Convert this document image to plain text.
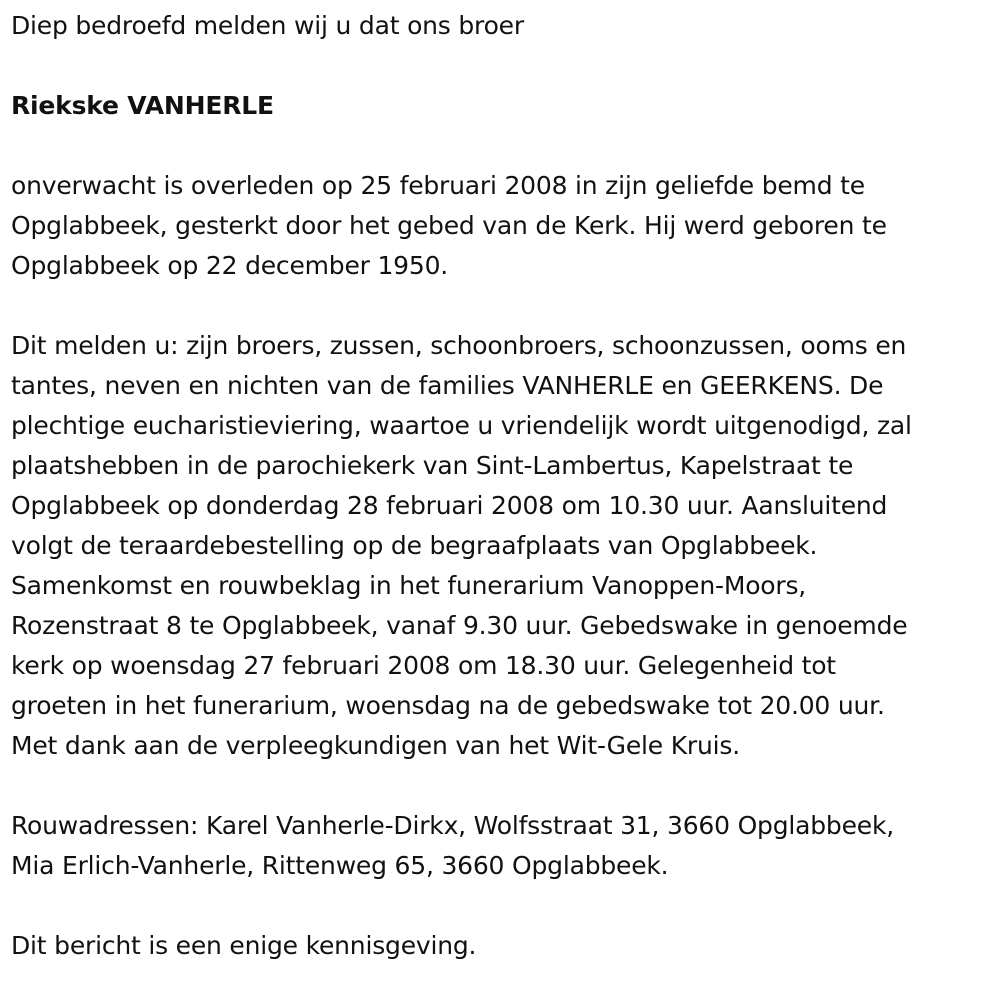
Diep bedroefd melden wij u dat ons broer

Riekske VANHERLE

onverwacht is overleden op 25 februari 2008 in zijn geliefde bemd te
Opglabbeek, gesterkt door het gebed van de Kerk. Hij werd geboren te
Opglabbeek op 22 december 1950.

Dit melden u: zijn broers, zussen, schoonbroers, schoonzussen, ooms en
tantes, neven en nichten van de families VANHERLE en GEERKENS. De
plechtige eucharistieviering, waartoe u vriendelijk wordt uitgenodigd, zal
plaatshebben in de parochiekerk van Sint-Lambertus, Kapelstraat te
Opglabbeek op donderdag 28 februari 2008 om 10.30 uur. Aansluitend
volgt de teraardebestelling op de begraafplaats van Opglabbeek.
Samenkomst en rouwbeklag in het funerarium Vanoppen-Moors,
Rozenstraat 8 te Opglabbeek, vanaf 9.30 uur. Gebedswake in genoemde
kerk op woensdag 27 februari 2008 om 18.30 uur. Gelegenheid tot
groeten in het funerarium, woensdag na de gebedswake tot 20.00 uur.
Met dank aan de verpleegkundigen van het Wit-Gele Kruis.

Rouwadressen: Karel Vanherle-Dirkx, Wolfsstraat 31, 3660 Opglabbeek,
Mia Erlich-Vanherle, Rittenweg 65, 3660 Opglabbeek.

Dit bericht is een enige kennisgeving.
